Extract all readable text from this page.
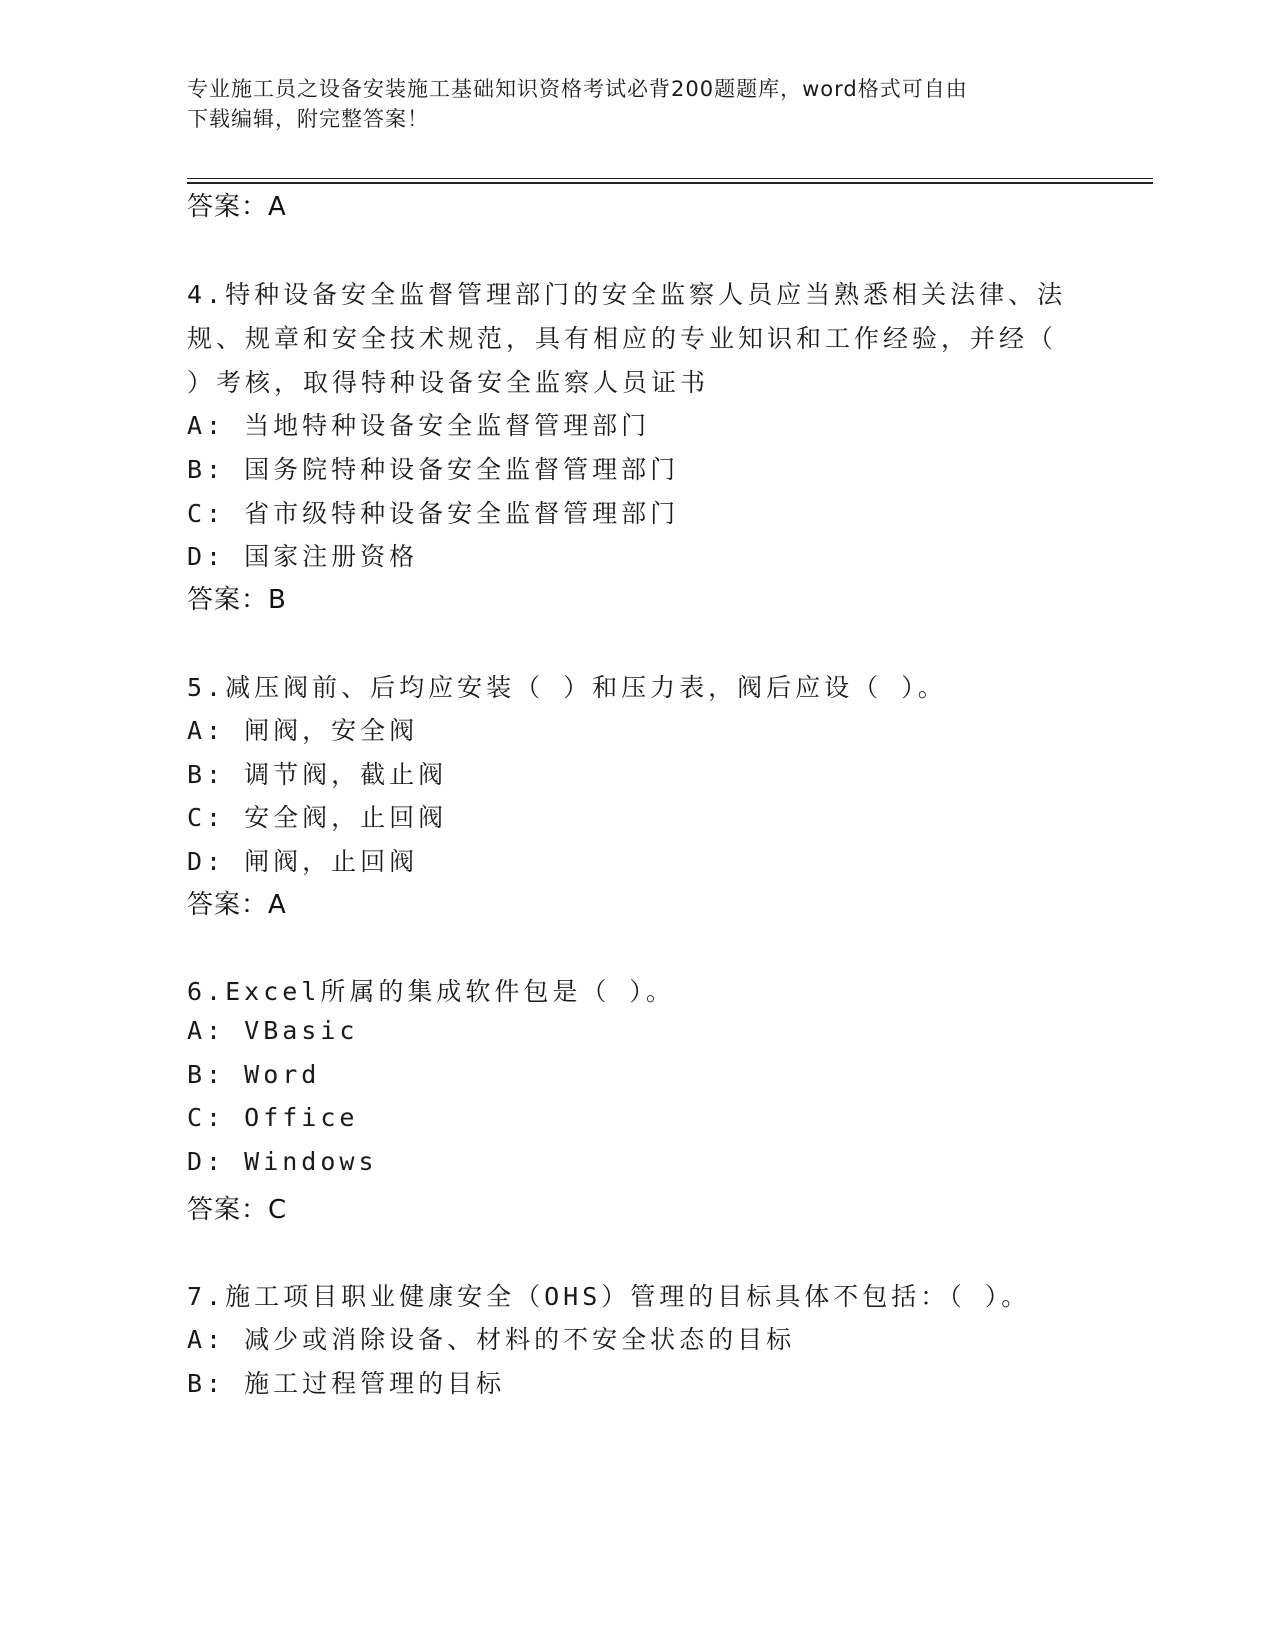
专业施工员之设备安装施工基础知识资格考试必背200题题库，word格式可自由
下载编辑，附完整答案！
答案：A
4.特种设备安全监督管理部门的安全监察人员应当熟悉相关法律、法
规、规章和安全技术规范，具有相应的专业知识和工作经验，并经（
）考核，取得特种设备安全监察人员证书
A: 当地特种设备安全监督管理部门
B: 国务院特种设备安全监督管理部门
C: 省市级特种设备安全监督管理部门
D: 国家注册资格
答案：B
5.减压阀前、后均应安装（ ）和压力表，阀后应设（ ）。
A: 闸阀，安全阀
B: 调节阀，截止阀
C: 安全阀，止回阀
D: 闸阀，止回阀
答案：A
6.Excel所属的集成软件包是（ ）。
A: VBasic
B: Word
C: Office
D: Windows
答案：C
7.施工项目职业健康安全（OHS）管理的目标具体不包括：（ ）。
A: 减少或消除设备、材料的不安全状态的目标
B: 施工过程管理的目标
